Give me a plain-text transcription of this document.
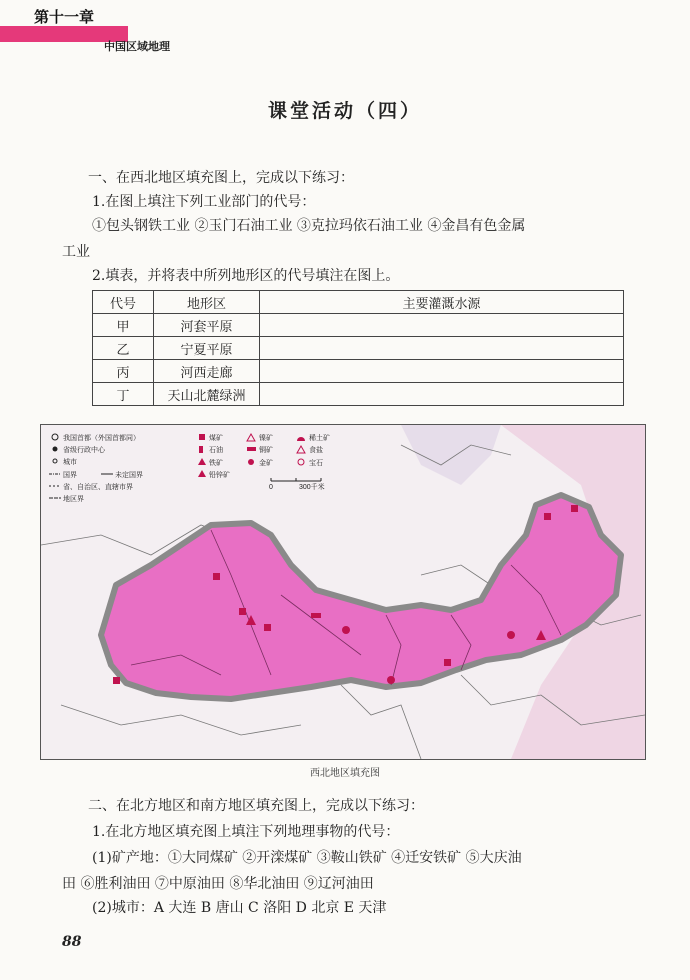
第十一章
中国区域地理
课堂活动（四）
一、在西北地区填充图上，完成以下练习：
1.在图上填注下列工业部门的代号：
①包头钢铁工业 ②玉门石油工业 ③克拉玛依石油工业 ④金昌有色金属
工业
2.填表，并将表中所列地形区的代号填注在图上。
代号	地形区	主要灌溉水源
甲	河套平原	
乙	宁夏平原	
丙	河西走廊	
丁	天山北麓绿洲	
我国首都（外国首都同）
省级行政中心
城市
国界	未定国界
省、自治区、直辖市界
地区界
煤矿
石油
铁矿
铅锌矿
镍矿
铜矿
金矿
稀土矿
食盐
宝石
0	300千米
西北地区填充图
二、在北方地区和南方地区填充图上，完成以下练习：
1.在北方地区填充图上填注下列地理事物的代号：
(1)矿产地：①大同煤矿 ②开滦煤矿 ③鞍山铁矿 ④迁安铁矿 ⑤大庆油
田 ⑥胜利油田 ⑦中原油田 ⑧华北油田 ⑨辽河油田
(2)城市：A 大连 B 唐山 C 洛阳 D 北京 E 天津
88
